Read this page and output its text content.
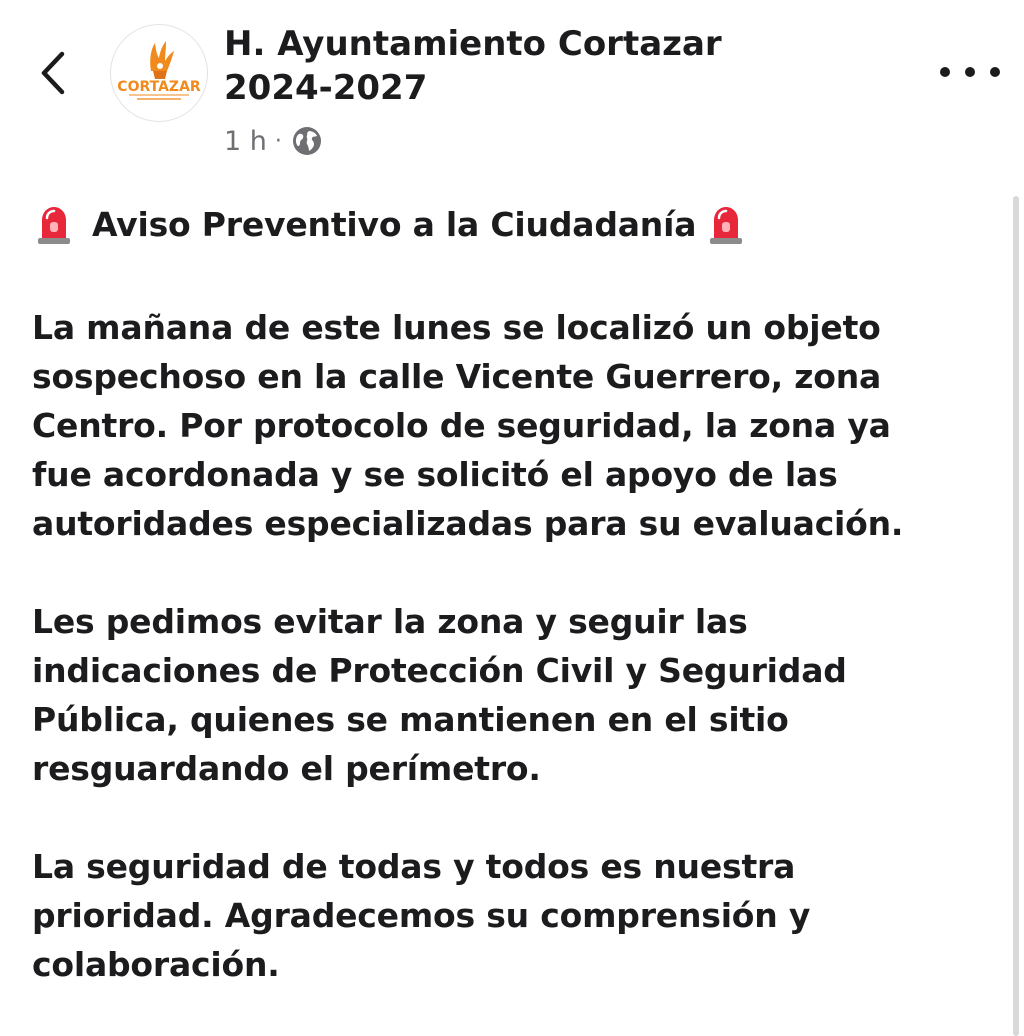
CORTAZAR
H. Ayuntamiento Cortazar
2024-2027
1 h ·

Aviso Preventivo a la Ciudadanía

La mañana de este lunes se localizó un objeto
sospechoso en la calle Vicente Guerrero, zona
Centro. Por protocolo de seguridad, la zona ya
fue acordonada y se solicitó el apoyo de las
autoridades especializadas para su evaluación.

Les pedimos evitar la zona y seguir las
indicaciones de Protección Civil y Seguridad
Pública, quienes se mantienen en el sitio
resguardando el perímetro.

La seguridad de todas y todos es nuestra
prioridad. Agradecemos su comprensión y
colaboración.
